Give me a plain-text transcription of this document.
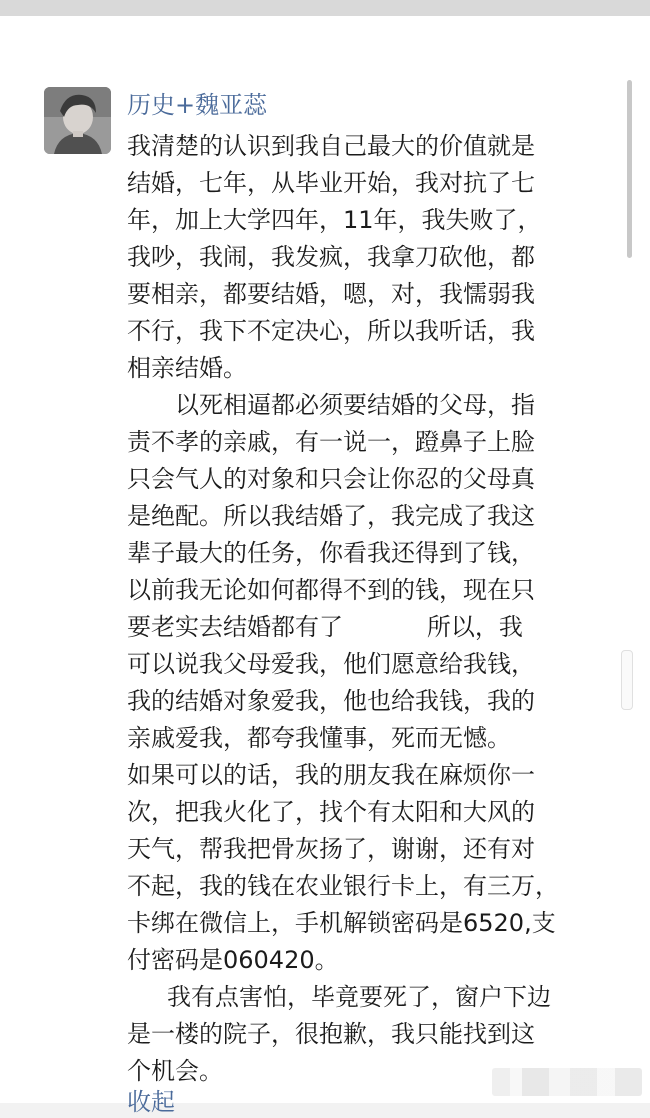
历史+魏亚蕊

我清楚的认识到我自己最大的价值就是
结婚，七年，从毕业开始，我对抗了七
年，加上大学四年，11年，我失败了，
我吵，我闹，我发疯，我拿刀砍他，都
要相亲，都要结婚，嗯，对，我懦弱我
不行，我下不定决心，所以我听话，我
相亲结婚。

以死相逼都必须要结婚的父母，指
责不孝的亲戚，有一说一，蹬鼻子上脸
只会气人的对象和只会让你忍的父母真
是绝配。所以我结婚了，我完成了我这
辈子最大的任务，你看我还得到了钱，
以前我无论如何都得不到的钱，现在只
要老实去结婚都有了           所以，我
可以说我父母爱我，他们愿意给我钱，
我的结婚对象爱我，他也给我钱，我的
亲戚爱我，都夸我懂事，死而无憾。

如果可以的话，我的朋友我在麻烦你一
次，把我火化了，找个有太阳和大风的
天气，帮我把骨灰扬了，谢谢，还有对
不起，我的钱在农业银行卡上，有三万，
卡绑在微信上，手机解锁密码是6520,支
付密码是060420。

我有点害怕，毕竟要死了，窗户下边
是一楼的院子，很抱歉，我只能找到这
个机会。

收起
